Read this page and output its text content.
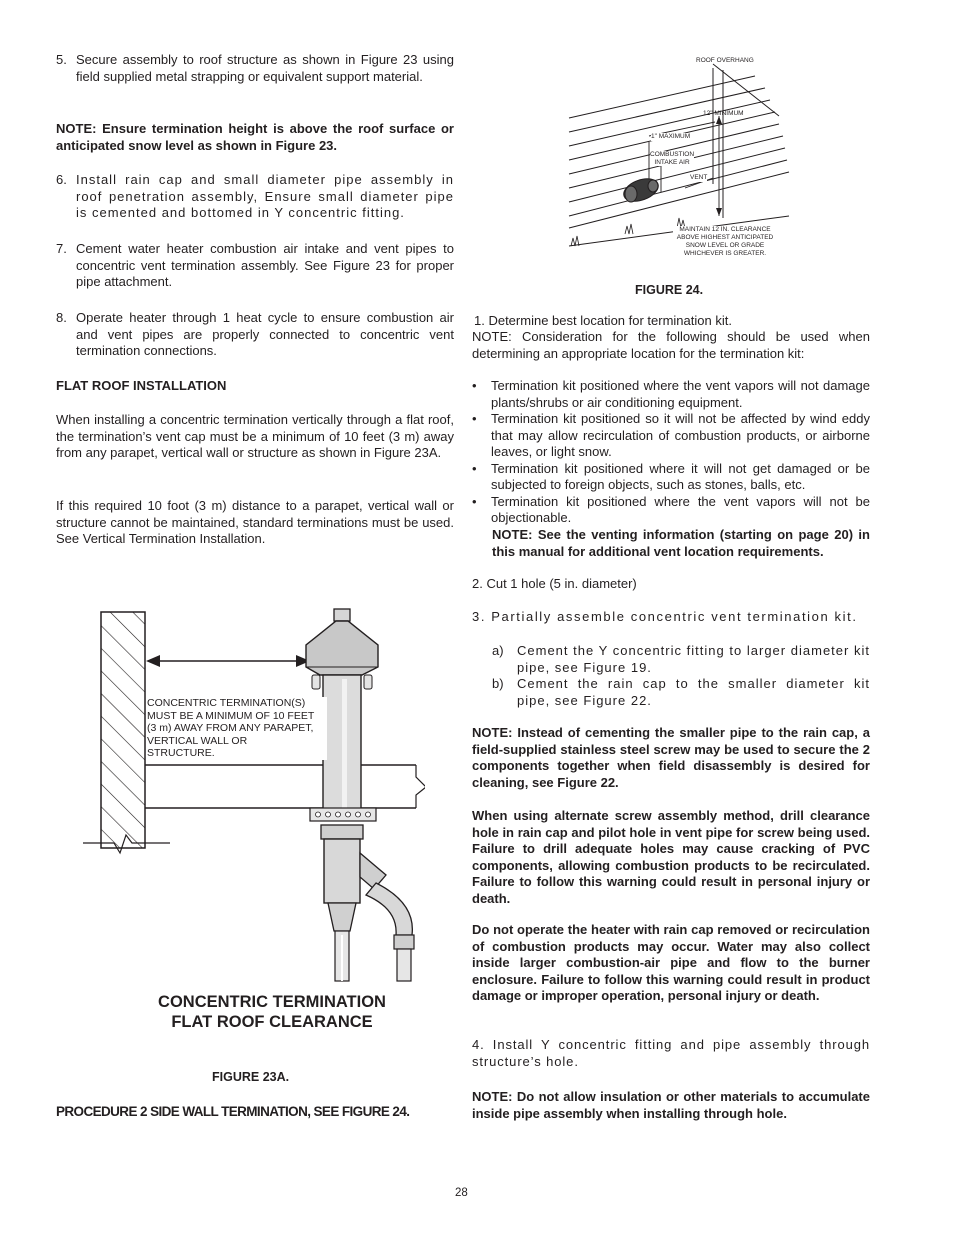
5. Secure assembly to roof structure as shown in Figure 23 using field supplied metal strapping or equivalent support material.
NOTE: Ensure termination height is above the roof surface or anticipated snow level as shown in Figure 23.
6. Install rain cap and small diameter pipe assembly in roof penetration assembly, Ensure small diameter pipe is cemented and bottomed in Y concentric fitting.
7. Cement water heater combustion air intake and vent pipes to concentric vent termination assembly. See Figure 23 for proper pipe attachment.
8. Operate heater through 1 heat cycle to ensure combustion air and vent pipes are properly connected to concentric vent termination connections.
FLAT ROOF INSTALLATION
When installing a concentric termination vertically through a flat roof, the termination’s vent cap must be a minimum of 10 feet (3 m) away from any parapet, vertical wall or structure as shown in Figure 23A.
If this required 10 foot (3 m) distance to a parapet, vertical wall or structure cannot be maintained, standard terminations must be used. See Vertical Termination Installation.
CONCENTRIC TERMINATION(S)
MUST BE A MINIMUM OF 10 FEET
(3 m) AWAY FROM ANY PARAPET,
VERTICAL WALL OR
STRUCTURE.
CONCENTRIC TERMINATION
FLAT ROOF CLEARANCE
FIGURE 23A.
PROCEDURE 2 SIDE WALL TERMINATION, SEE FIGURE 24.
ROOF OVERHANG
12" MINIMUM
1" MAXIMUM
COMBUSTION
INTAKE AIR
VENT
MAINTAIN 12 IN. CLEARANCE
ABOVE HIGHEST ANTICIPATED
SNOW LEVEL OR GRADE
WHICHEVER IS GREATER.
FIGURE 24.
1. Determine best location for termination kit.
NOTE: Consideration for the following should be used when determining an appropriate location for the termination kit:
•	Termination kit positioned where the vent vapors will not damage plants/shrubs or air conditioning equipment.
•	Termination kit positioned so it will not be affected by wind eddy that may allow recirculation of combustion products, or airborne leaves, or light snow.
•	Termination kit positioned where it will not get damaged or be subjected to foreign objects, such as stones, balls, etc.
•	Termination kit positioned where the vent vapors will not be objectionable.
NOTE: See the venting information (starting on page 20) in this manual for additional vent location requirements.
2. Cut 1 hole (5 in. diameter)
3. Partially assemble concentric vent termination kit.
a)	Cement the Y concentric fitting to larger diameter kit pipe, see Figure 19.
b)	Cement the rain cap to the smaller diameter kit pipe, see Figure 22.
NOTE: Instead of cementing the smaller pipe to the rain cap, a field-supplied stainless steel screw may be used to secure the 2 components together when field disassembly is desired for cleaning, see Figure 22.
When using alternate screw assembly method, drill clearance hole in rain cap and pilot hole in vent pipe for screw being used. Failure to drill adequate holes may cause cracking of PVC components, allowing combustion products to be recirculated. Failure to follow this warning could result in personal injury or death.
Do not operate the heater with rain cap removed or recirculation of combustion products may occur. Water may also collect inside larger combustion-air pipe and flow to the burner enclosure. Failure to follow this warning could result in product damage or improper operation, personal injury or death.
4. Install Y concentric fitting and pipe assembly through structure’s hole.
NOTE: Do not allow insulation or other materials to accumulate inside pipe assembly when installing through hole.
28
